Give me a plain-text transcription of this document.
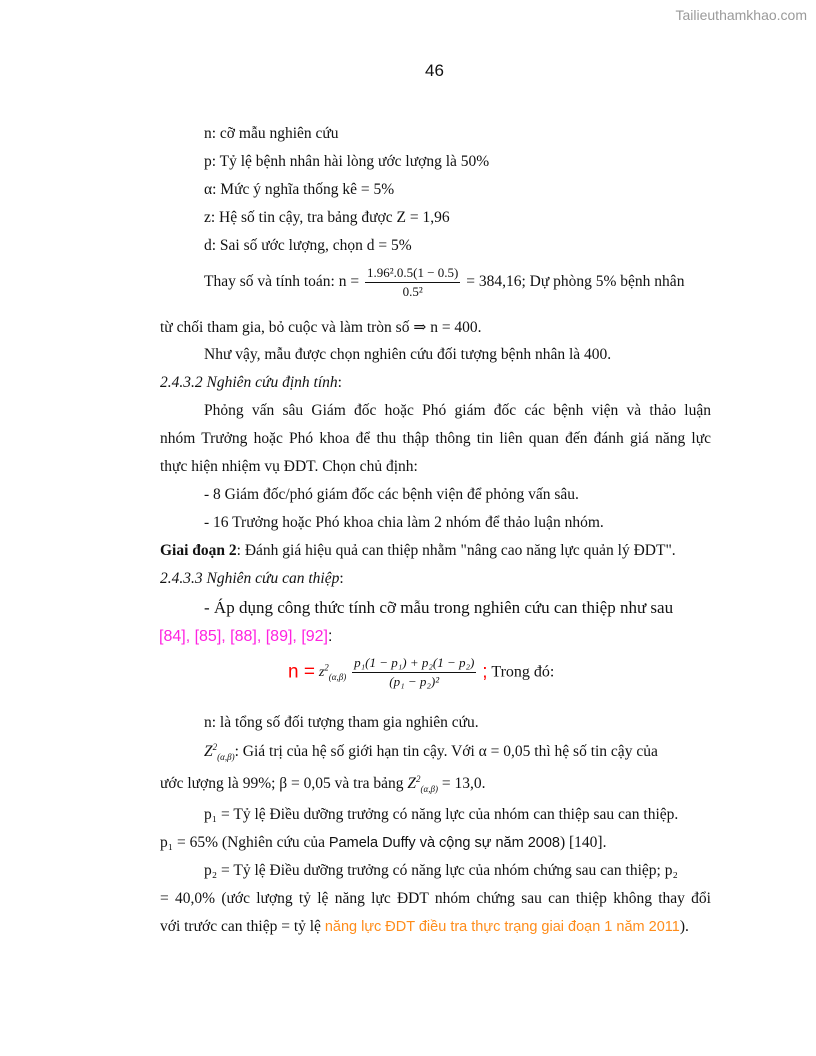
Tailieuthamkhao.com
46
n: cỡ mẫu nghiên cứu
p: Tỷ lệ bệnh nhân hài lòng ước lượng là 50%
α: Mức ý nghĩa thống kê = 5%
z: Hệ số tin cậy, tra bảng được Z = 1,96
d: Sai số ước lượng, chọn d = 5%
Thay số và tính toán: $n = \frac{\text{1.96².0.5(1 − 0.5)}}{\text{0.5²}} = 384,16$; Dự phòng 5% bệnh nhân
từ chối tham gia, bỏ cuộc và làm tròn số ⇒ n = 400.
Như vậy, mẫu được chọn nghiên cứu đối tượng bệnh nhân là 400.
2.4.3.2 Nghiên cứu định tính:
Phỏng vấn sâu Giám đốc hoặc Phó giám đốc các bệnh viện và thảo luận
nhóm Trưởng hoặc Phó khoa để thu thập thông tin liên quan đến đánh giá năng lực
thực hiện nhiệm vụ ĐDT. Chọn chủ định:
- 8 Giám đốc/phó giám đốc các bệnh viện để phỏng vấn sâu.
- 16 Trưởng hoặc Phó khoa chia làm 2 nhóm để thảo luận nhóm.
Giai đoạn 2: Đánh giá hiệu quả can thiệp nhằm "nâng cao năng lực quản lý ĐDT".
2.4.3.3 Nghiên cứu can thiệp:
- Áp dụng công thức tính cỡ mẫu trong nghiên cứu can thiệp như sau
[84], [85], [88], [89], [92]:
$n = z^2_{(\alpha,\beta)} \frac{\text{p₁(1 − p₁) + p₂(1 − p₂)}}{\text{(p₁ − p₂)²}}$ ; Trong đó:
n: là tổng số đối tượng tham gia nghiên cứu.
$Z^2_{(\alpha,\beta)}$: Giá trị của hệ số giới hạn tin cậy. Với α = 0,05 thì hệ số tin cậy của
ước lượng là 99%; β = 0,05 và tra bảng $Z^2_{(\alpha,\beta)} = 13,0$.
p₁ = Tỷ lệ Điều dưỡng trưởng có năng lực của nhóm can thiệp sau can thiệp.
p₁ = 65% (Nghiên cứu của Pamela Duffy và cộng sự năm 2008) [140].
p₂ = Tỷ lệ Điều dưỡng trưởng có năng lực của nhóm chứng sau can thiệp; p₂
= 40,0% (ước lượng tỷ lệ năng lực ĐDT nhóm chứng sau can thiệp không thay đổi
với trước can thiệp = tỷ lệ năng lực ĐDT điều tra thực trạng giai đoạn 1 năm 2011).
